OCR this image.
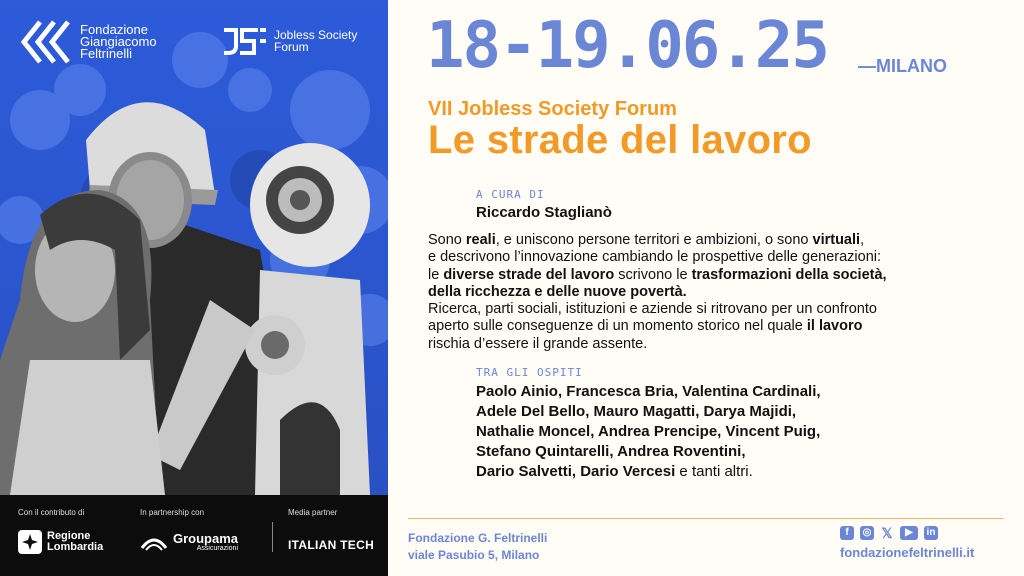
Fondazione
Giangiacomo
Feltrinelli
Jobless Society
Forum
Con il contributo di	In partnership con	Media partner
Regione
Lombardia
Groupama
Assicurazioni	ITALIAN TECH
18-19.06.25 —MILANO
VII Jobless Society Forum
Le strade del lavoro
A CURA DI
Riccardo Staglianò

Sono reali, e uniscono persone territori e ambizioni, o sono virtuali,

e descrivono l’innovazione cambiando le prospettive delle generazioni:

le diverse strade del lavoro scrivono le trasformazioni della società,

della ricchezza e delle nuove povertà.

Ricerca, parti sociali, istituzioni e aziende si ritrovano per un confronto

aperto sulle conseguenze di un momento storico nel quale il lavoro

rischia d’essere il grande assente.

TRA GLI OSPITI

Paolo Ainio, Francesca Bria, Valentina Cardinali,

Adele Del Bello, Mauro Magatti, Darya Majidi,

Nathalie Moncel, Andrea Prencipe, Vincent Puig,

Stefano Quintarelli, Andrea Roventini,

Dario Salvetti, Dario Vercesi e tanti altri.

Fondazione G. Feltrinelli
viale Pasubio 5, Milano
f	◎ 𝕏	▶	in
fondazionefeltrinelli.it
